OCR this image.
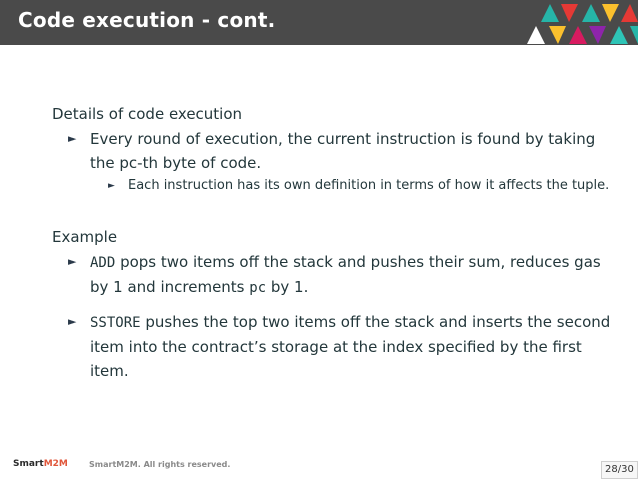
Code execution - cont.

Details of code execution

► Every round of execution, the current instruction is found by taking the pc-th byte of code.
► Each instruction has its own definition in terms of how it affects the tuple.

Example

► ADD pops two items off the stack and pushes their sum, reduces gas by 1 and increments pc by 1.
► SSTORE pushes the top two items off the stack and inserts the second item into the contract’s storage at the index specified by the first item.
SmartM2M	SmartM2M. All rights reserved.	28/30
